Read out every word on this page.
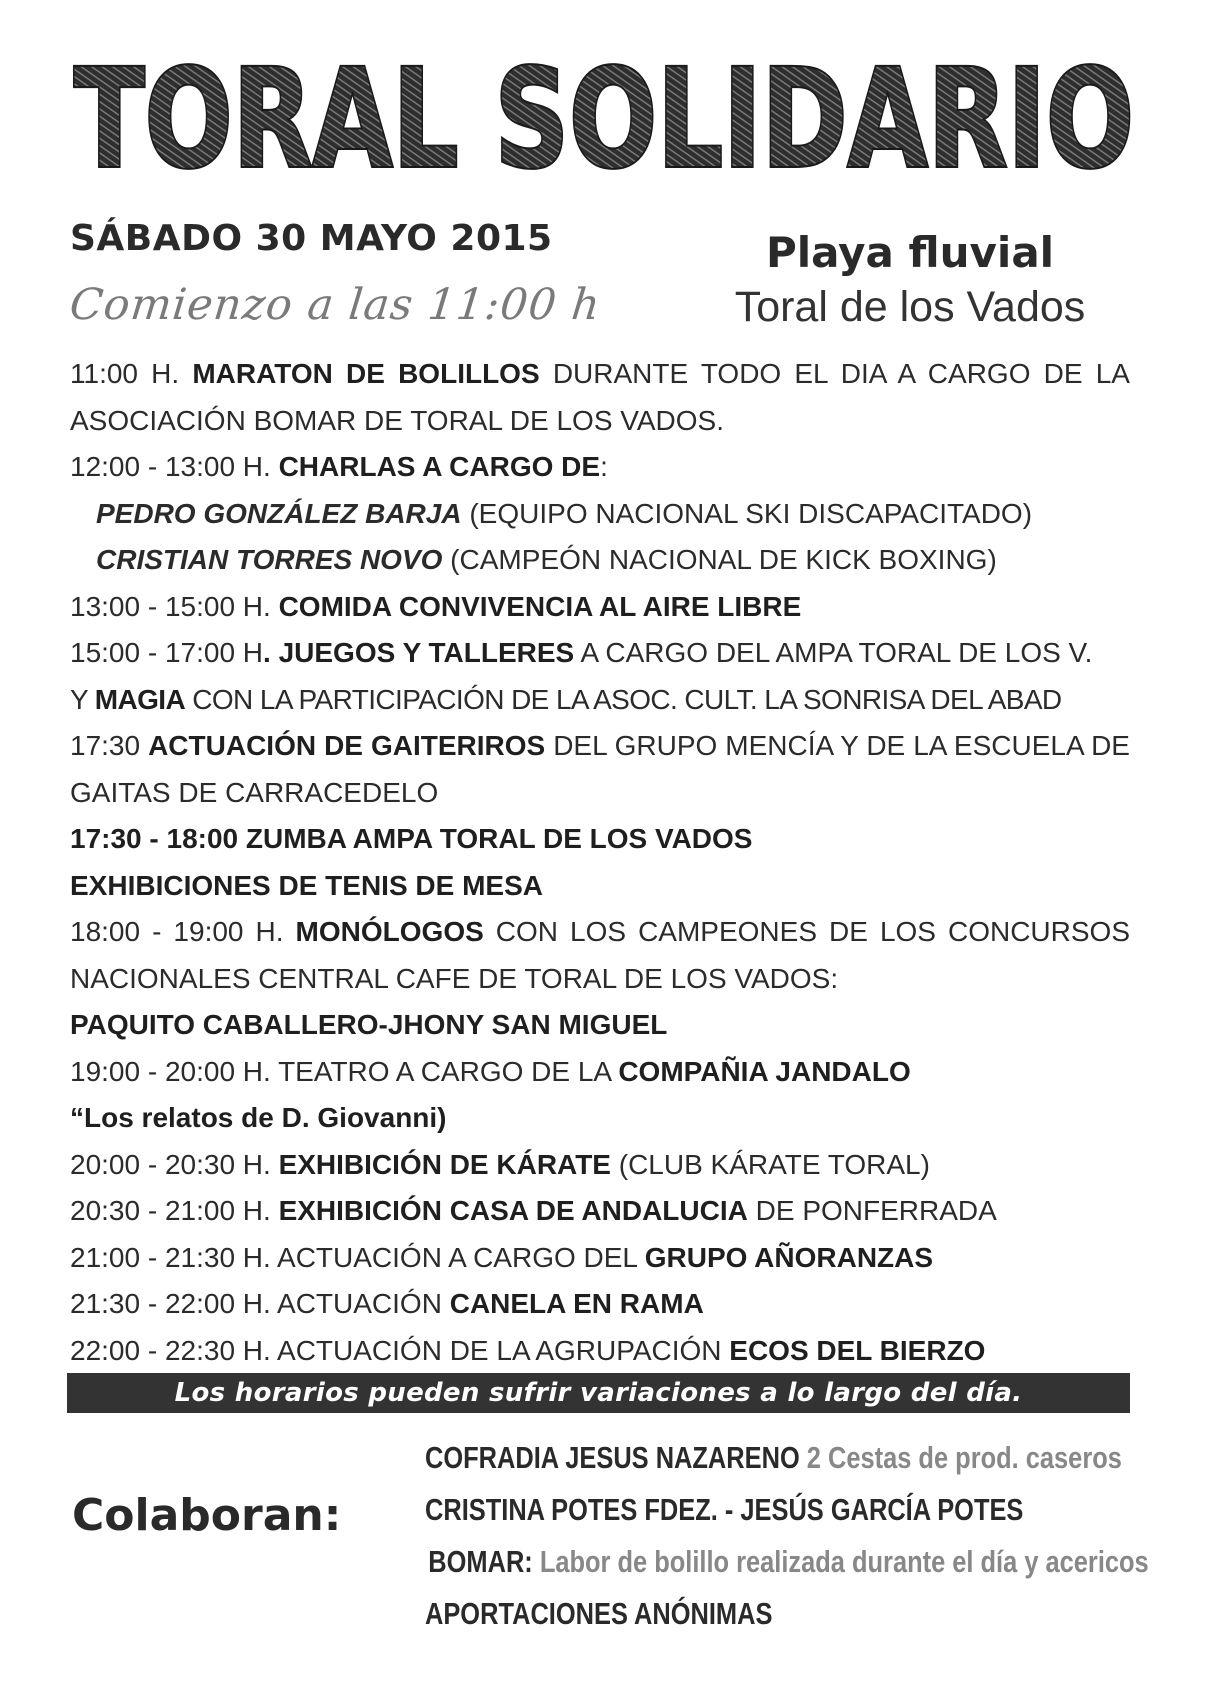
TORAL SOLIDARIO
SÁBADO 30 MAYO 2015
Comienzo a las 11:00 h
Playa fluvial
Toral de los Vados
11:00 H. MARATON DE BOLILLOS DURANTE TODO EL DIA A CARGO DE LA
ASOCIACIÓN BOMAR DE TORAL DE LOS VADOS.
12:00 - 13:00 H. CHARLAS A CARGO DE:
PEDRO GONZÁLEZ BARJA (EQUIPO NACIONAL SKI DISCAPACITADO)
CRISTIAN TORRES NOVO (CAMPEÓN NACIONAL DE KICK BOXING)
13:00 - 15:00 H. COMIDA CONVIVENCIA AL AIRE LIBRE
15:00 - 17:00 H. JUEGOS Y TALLERES A CARGO DEL AMPA TORAL DE LOS V.
Y MAGIA CON LA PARTICIPACIÓN DE LA ASOC. CULT. LA SONRISA DEL ABAD
17:30 ACTUACIÓN DE GAITERIROS DEL GRUPO MENCÍA Y DE LA ESCUELA DE
GAITAS DE CARRACEDELO
17:30 - 18:00 ZUMBA AMPA TORAL DE LOS VADOS
EXHIBICIONES DE TENIS DE MESA
18:00 - 19:00 H. MONÓLOGOS CON LOS CAMPEONES DE LOS CONCURSOS
NACIONALES CENTRAL CAFE DE TORAL DE LOS VADOS:
PAQUITO CABALLERO-JHONY SAN MIGUEL
19:00 - 20:00 H. TEATRO A CARGO DE LA COMPAÑIA JANDALO
“Los relatos de D. Giovanni)
20:00 - 20:30 H. EXHIBICIÓN DE KÁRATE (CLUB KÁRATE TORAL)
20:30 - 21:00 H. EXHIBICIÓN CASA DE ANDALUCIA DE PONFERRADA
21:00 - 21:30 H. ACTUACIÓN A CARGO DEL GRUPO AÑORANZAS
21:30 - 22:00 H. ACTUACIÓN CANELA EN RAMA
22:00 - 22:30 H. ACTUACIÓN DE LA AGRUPACIÓN ECOS DEL BIERZO
Los horarios pueden sufrir variaciones a lo largo del día.
Colaboran:
COFRADIA JESUS NAZARENO 2 Cestas de prod. caseros
CRISTINA POTES FDEZ. - JESÚS GARCÍA POTES
BOMAR: Labor de bolillo realizada durante el día y acericos
APORTACIONES ANÓNIMAS
